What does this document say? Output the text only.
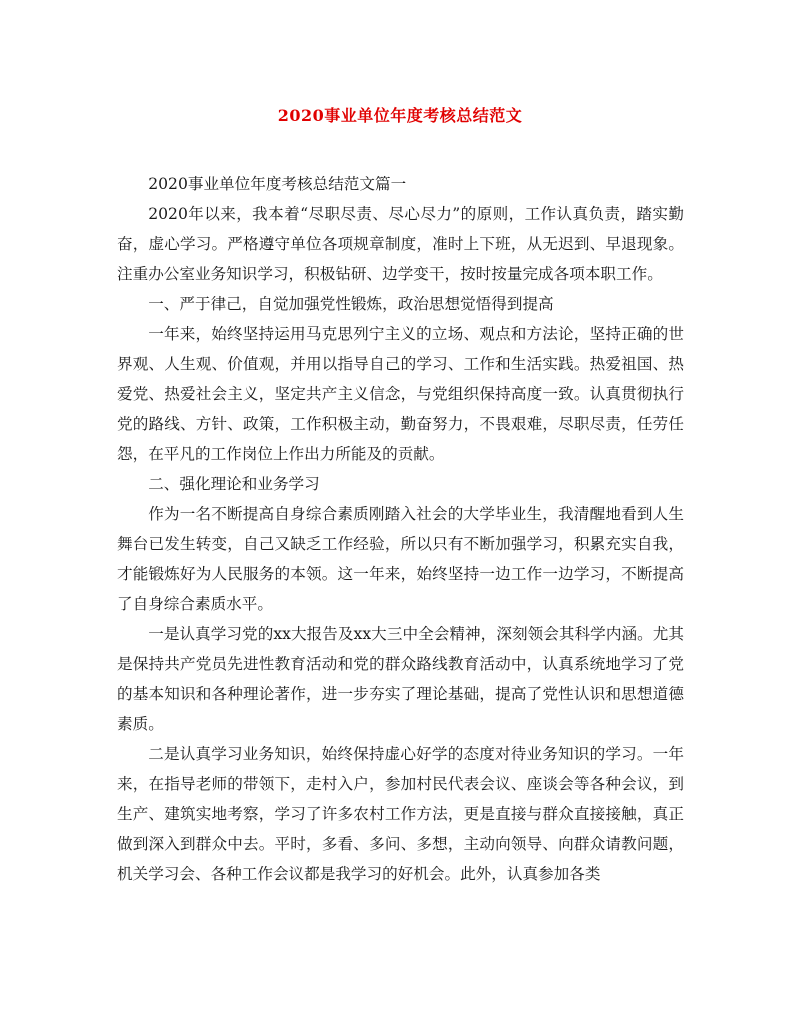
2020事业单位年度考核总结范文

2020事业单位年度考核总结范文篇一

2020年以来，我本着“尽职尽责、尽心尽力”的原则，工作认真负责，踏实勤奋，虚心学习。严格遵守单位各项规章制度，准时上下班，从无迟到、早退现象。注重办公室业务知识学习，积极钻研、边学变干，按时按量完成各项本职工作。

一、严于律己，自觉加强党性锻炼，政治思想觉悟得到提高

一年来，始终坚持运用马克思列宁主义的立场、观点和方法论，坚持正确的世界观、人生观、价值观，并用以指导自己的学习、工作和生活实践。热爱祖国、热爱党、热爱社会主义，坚定共产主义信念，与党组织保持高度一致。认真贯彻执行党的路线、方针、政策，工作积极主动，勤奋努力，不畏艰难，尽职尽责，任劳任怨，在平凡的工作岗位上作出力所能及的贡献。

二、强化理论和业务学习

作为一名不断提高自身综合素质刚踏入社会的大学毕业生，我清醒地看到人生舞台已发生转变，自己又缺乏工作经验，所以只有不断加强学习，积累充实自我，才能锻炼好为人民服务的本领。这一年来，始终坚持一边工作一边学习，不断提高了自身综合素质水平。

一是认真学习党的xx大报告及xx大三中全会精神，深刻领会其科学内涵。尤其是保持共产党员先进性教育活动和党的群众路线教育活动中，认真系统地学习了党的基本知识和各种理论著作，进一步夯实了理论基础，提高了党性认识和思想道德素质。

二是认真学习业务知识，始终保持虚心好学的态度对待业务知识的学习。一年来，在指导老师的带领下，走村入户，参加村民代表会议、座谈会等各种会议，到生产、建筑实地考察，学习了许多农村工作方法，更是直接与群众直接接触，真正做到深入到群众中去。平时，多看、多问、多想，主动向领导、向群众请教问题，机关学习会、各种工作会议都是我学习的好机会。此外，认真参加各类
